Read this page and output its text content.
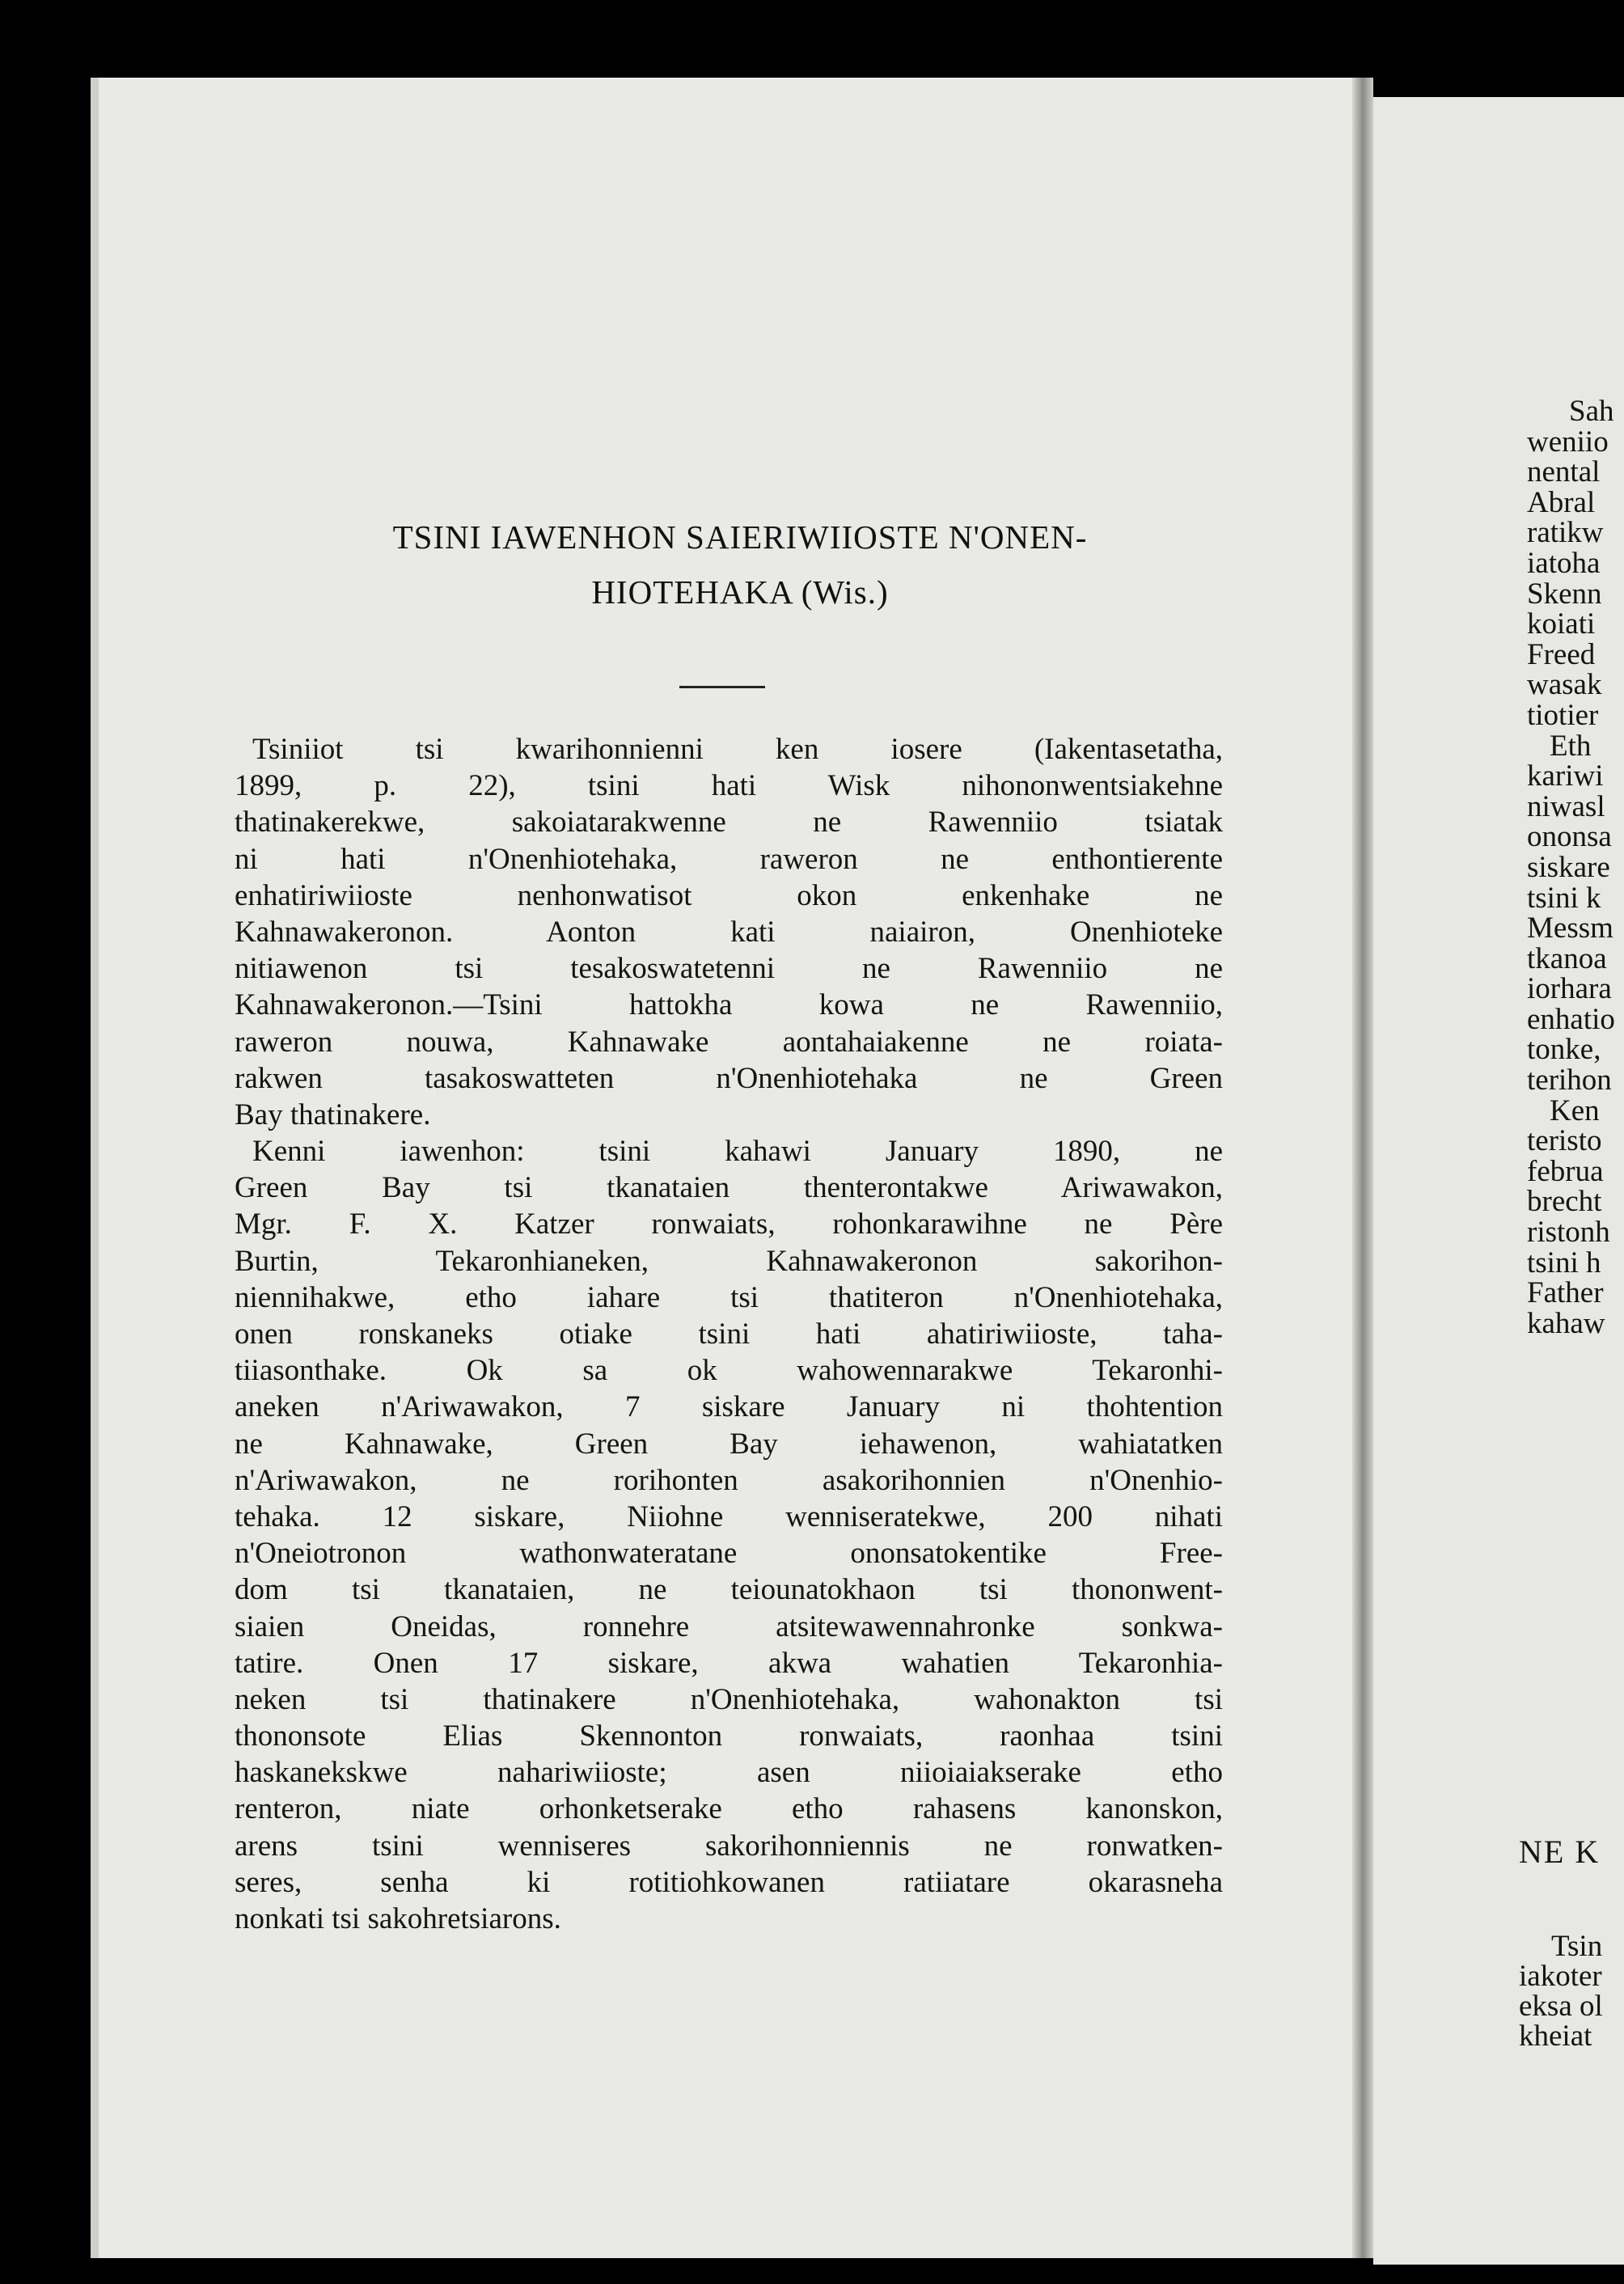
TSINI IAWENHON SAIERIWIIOSTE N'ONEN-
HIOTEHAKA (Wis.)
Tsiniiot tsi kwarihonnienni ken iosere (Iakentasetatha,
1899, p. 22), tsini hati Wisk nihononwentsiakehne
thatinakerekwe, sakoiatarakwenne ne Rawenniio tsiatak
ni hati n'Onenhiotehaka, raweron ne enthontierente
enhatiriwiioste nenhonwatisot okon enkenhake ne
Kahnawakeronon. Aonton kati naiairon, Onenhioteke
nitiawenon tsi tesakoswatetenni ne Rawenniio ne
Kahnawakeronon.—Tsini hattokha kowa ne Rawenniio,
raweron nouwa, Kahnawake aontahaiakenne ne roiata-
rakwen tasakoswatteten n'Onenhiotehaka ne Green
Bay thatinakere.
Kenni iawenhon: tsini kahawi January 1890, ne
Green Bay tsi tkanataien thenterontakwe Ariwawakon,
Mgr. F. X. Katzer ronwaiats, rohonkarawihne ne Père
Burtin, Tekaronhianeken, Kahnawakeronon sakorihon-
niennihakwe, etho iahare tsi thatiteron n'Onenhiotehaka,
onen ronskaneks otiake tsini hati ahatiriwiioste, taha-
tiiasonthake. Ok sa ok wahowennarakwe Tekaronhi-
aneken n'Ariwawakon, 7 siskare January ni thohtention
ne Kahnawake, Green Bay iehawenon, wahiatatken
n'Ariwawakon, ne rorihonten asakorihonnien n'Onenhio-
tehaka. 12 siskare, Niiohne wenniseratekwe, 200 nihati
n'Oneiotronon wathonwateratane ononsatokentike Free-
dom tsi tkanataien, ne teiounatokhaon tsi thononwent-
siaien Oneidas, ronnehre atsitewawennahronke sonkwa-
tatire. Onen 17 siskare, akwa wahatien Tekaronhia-
neken tsi thatinakere n'Onenhiotehaka, wahonakton tsi
thononsote Elias Skennonton ronwaiats, raonhaa tsini
haskanekskwe nahariwiioste; asen niioiaiakserake etho
renteron, niate orhonketserake etho rahasens kanonskon,
arens tsini wenniseres sakorihonniennis ne ronwatken-
seres, senha ki rotitiohkowanen ratiiatare okarasneha
nonkati tsi sakohretsiarons.
Sah
weniio
nental
Abral
ratikw
iatoha
Skenn
koiati
Freed
wasak
tiotier
Eth
kariwi
niwasl
ononsa
siskare
tsini k
Messm
tkanoa
iorhara
enhatio
tonke,
terihon
Ken
teristo
februa
brecht
ristonh
tsini h
Father
kahaw
NE K
Tsin
iakoter
eksa ol
kheiat
